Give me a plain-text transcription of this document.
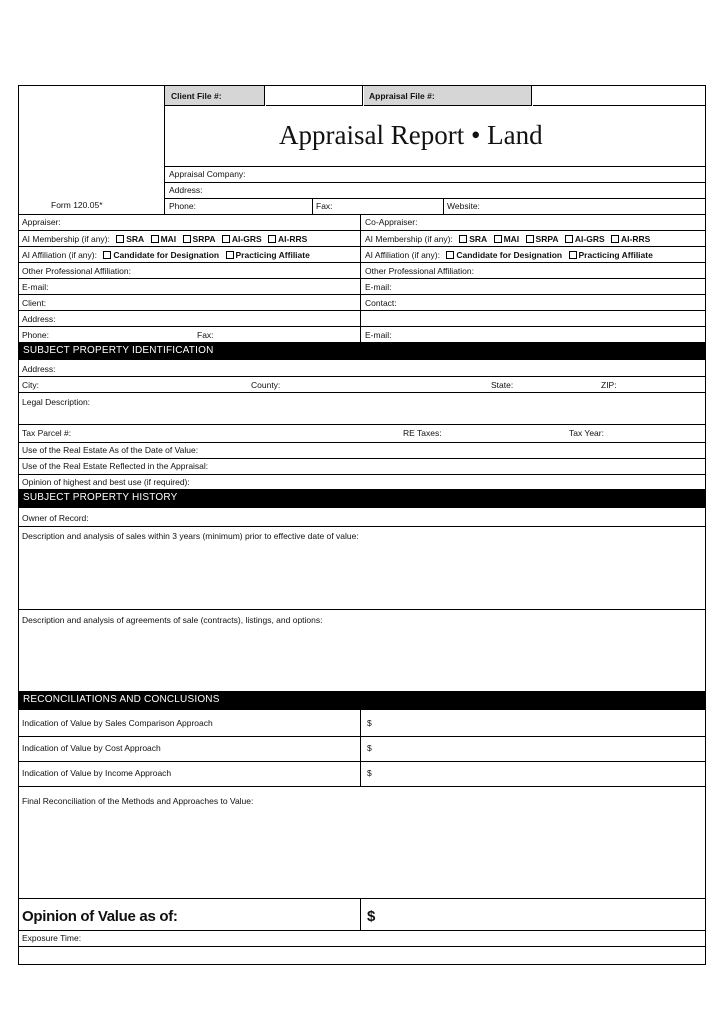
Client File #:	Appraisal File #:
Appraisal Report • Land
Appraisal Company:
Address:
Phone:	Fax:	Website:
Form 120.05*
Appraiser:	Co-Appraiser:
AI Membership (if any): SRA MAI SRPA AI-GRS AI-RRS	AI Membership (if any): SRA MAI SRPA AI-GRS AI-RRS
AI Affiliation (if any): Candidate for Designation Practicing Affiliate	AI Affiliation (if any): Candidate for Designation Practicing Affiliate
Other Professional Affiliation:	Other Professional Affiliation:
E-mail:	E-mail:
Client:	Contact:
Address:
Phone:	Fax:	E-mail:
SUBJECT PROPERTY IDENTIFICATION
Address:
City:	County:	State:	ZIP:
Legal Description:
Tax Parcel #:	RE Taxes:	Tax Year:
Use of the Real Estate As of the Date of Value:
Use of the Real Estate Reflected in the Appraisal:
Opinion of highest and best use (if required):
SUBJECT PROPERTY HISTORY
Owner of Record:
Description and analysis of sales within 3 years (minimum) prior to effective date of value:
Description and analysis of agreements of sale (contracts), listings, and options:
RECONCILIATIONS AND CONCLUSIONS
Indication of Value by Sales Comparison Approach	$
Indication of Value by Cost Approach	$
Indication of Value by Income Approach	$
Final Reconciliation of the Methods and Approaches to Value:
Opinion of Value as of:	$
Exposure Time:
